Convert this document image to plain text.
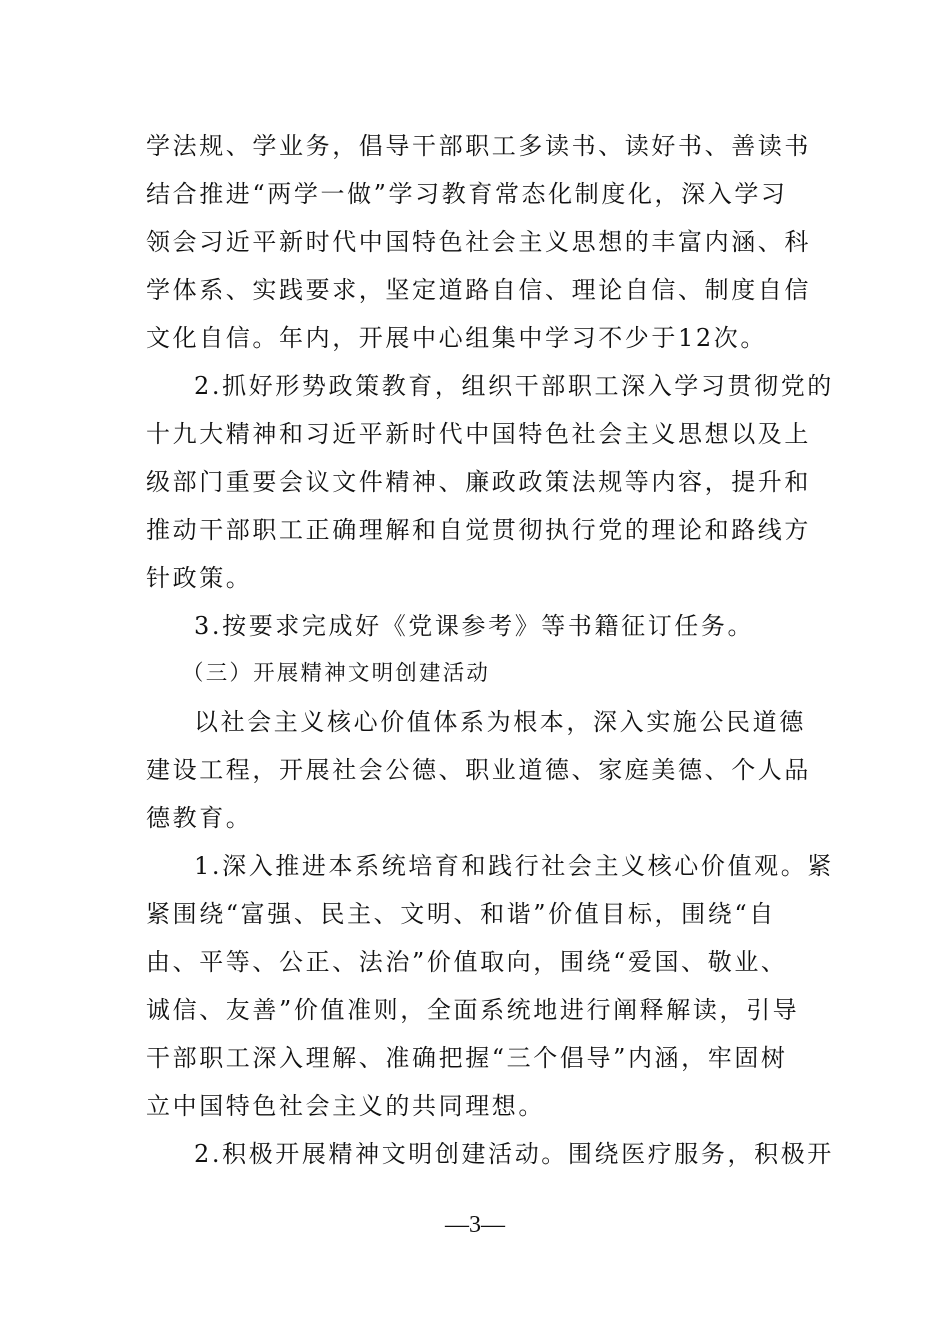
学法规、学业务，倡导干部职工多读书、读好书、善读书
结合推进“两学一做”学习教育常态化制度化，深入学习
领会习近平新时代中国特色社会主义思想的丰富内涵、科
学体系、实践要求，坚定道路自信、理论自信、制度自信
文化自信。年内，开展中心组集中学习不少于12次。
2.抓好形势政策教育，组织干部职工深入学习贯彻党的
十九大精神和习近平新时代中国特色社会主义思想以及上
级部门重要会议文件精神、廉政政策法规等内容，提升和
推动干部职工正确理解和自觉贯彻执行党的理论和路线方
针政策。
3.按要求完成好《党课参考》等书籍征订任务。
（三）开展精神文明创建活动
以社会主义核心价值体系为根本，深入实施公民道德
建设工程，开展社会公德、职业道德、家庭美德、个人品
德教育。
1.深入推进本系统培育和践行社会主义核心价值观。紧
紧围绕“富强、民主、文明、和谐”价值目标，围绕“自
由、平等、公正、法治”价值取向，围绕“爱国、敬业、
诚信、友善”价值准则，全面系统地进行阐释解读，引导
干部职工深入理解、准确把握“三个倡导”内涵，牢固树
立中国特色社会主义的共同理想。
2.积极开展精神文明创建活动。围绕医疗服务，积极开
—3—
